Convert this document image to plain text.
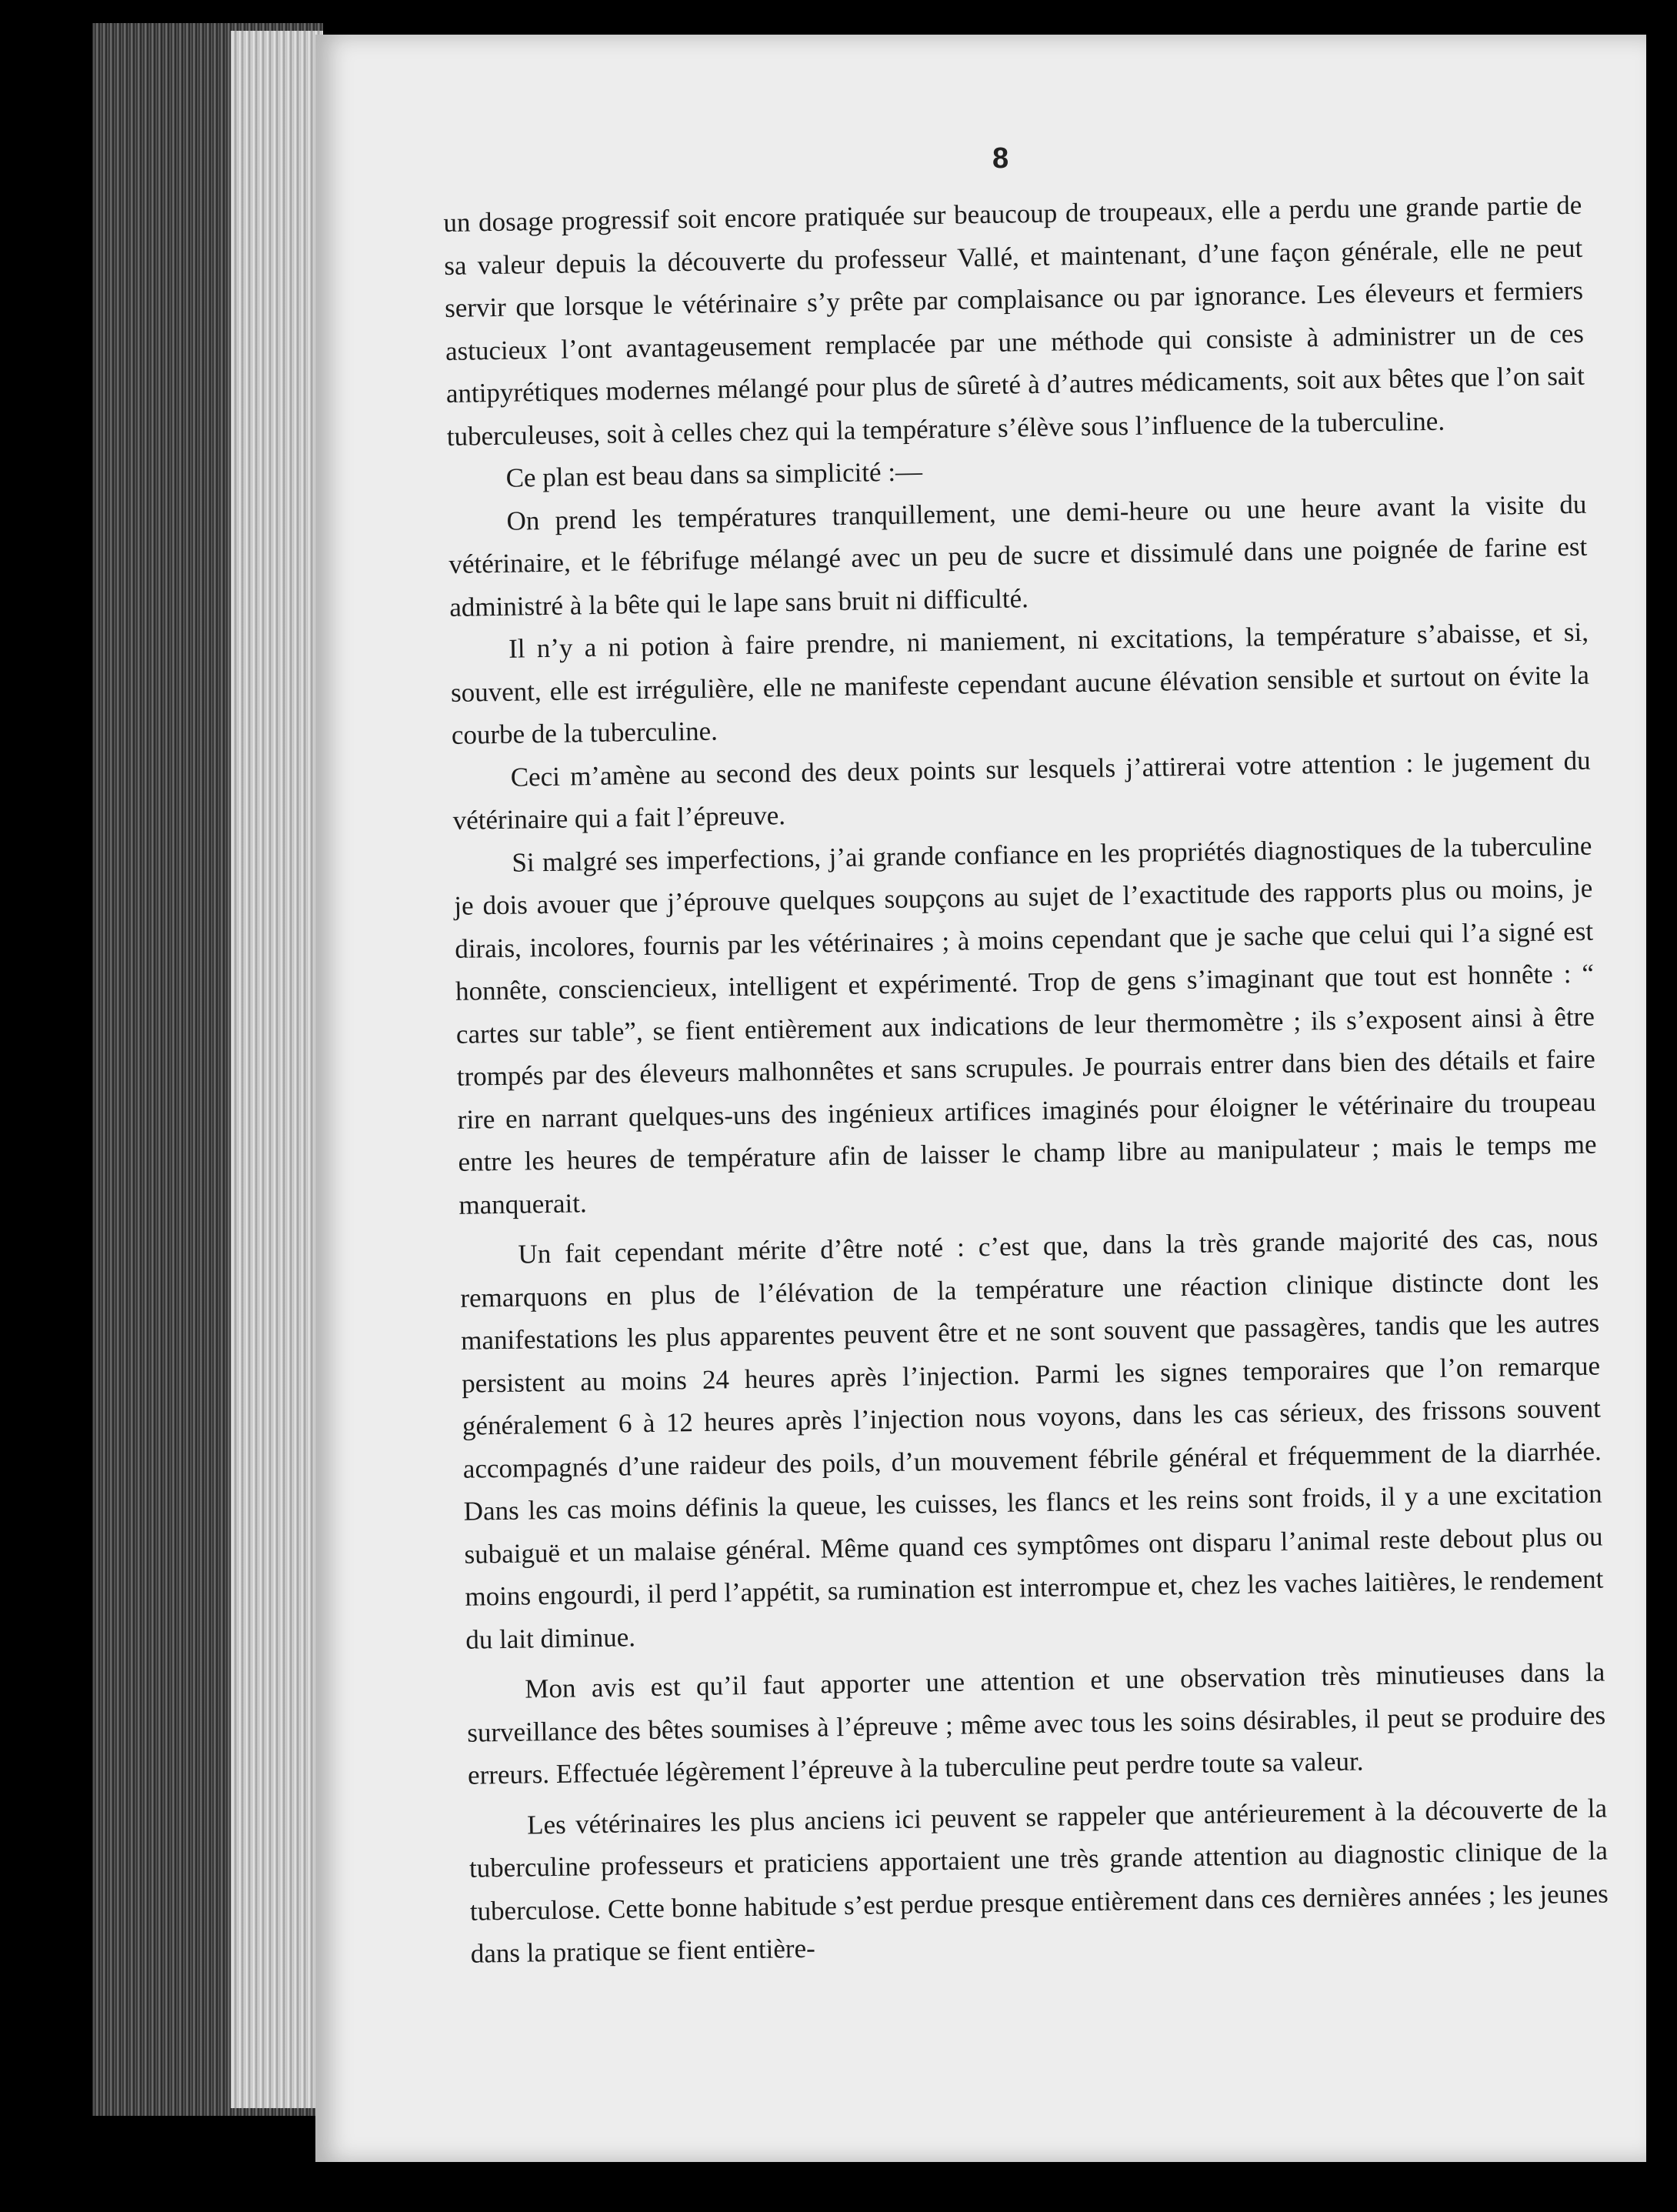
8

un dosage progressif soit encore pratiquée sur beaucoup de troupeaux, elle a perdu une grande partie de sa valeur depuis la découverte du professeur Vallé, et maintenant, d’une façon générale, elle ne peut servir que lorsque le vétérinaire s’y prête par complaisance ou par ignorance. Les éleveurs et fermiers astucieux l’ont avantageusement remplacée par une méthode qui consiste à administrer un de ces antipyrétiques modernes mélangé pour plus de sûreté à d’autres médicaments, soit aux bêtes que l’on sait tuberculeuses, soit à celles chez qui la température s’élève sous l’influence de la tuberculine.

Ce plan est beau dans sa simplicité :—

On prend les températures tranquillement, une demi-heure ou une heure avant la visite du vétérinaire, et le fébrifuge mélangé avec un peu de sucre et dissimulé dans une poignée de farine est administré à la bête qui le lape sans bruit ni difficulté.

Il n’y a ni potion à faire prendre, ni maniement, ni excitations, la température s’abaisse, et si, souvent, elle est irrégulière, elle ne manifeste cependant aucune élévation sensible et surtout on évite la courbe de la tuberculine.

Ceci m’amène au second des deux points sur lesquels j’attirerai votre attention : le jugement du vétérinaire qui a fait l’épreuve.

Si malgré ses imperfections, j’ai grande confiance en les propriétés diagnostiques de la tuberculine je dois avouer que j’éprouve quelques soupçons au sujet de l’exactitude des rapports plus ou moins, je dirais, incolores, fournis par les vétérinaires ; à moins cependant que je sache que celui qui l’a signé est honnête, consciencieux, intelligent et expérimenté. Trop de gens s’imaginant que tout est honnête : “ cartes sur table”, se fient entièrement aux indications de leur thermomètre ; ils s’exposent ainsi à être trompés par des éleveurs malhonnêtes et sans scrupules. Je pourrais entrer dans bien des détails et faire rire en narrant quelques-uns des ingénieux artifices imaginés pour éloigner le vétérinaire du troupeau entre les heures de température afin de laisser le champ libre au manipulateur ; mais le temps me manquerait.

Un fait cependant mérite d’être noté : c’est que, dans la très grande majorité des cas, nous remarquons en plus de l’élévation de la température une réaction clinique distincte dont les manifestations les plus apparentes peuvent être et ne sont souvent que passagères, tandis que les autres persistent au moins 24 heures après l’injection. Parmi les signes temporaires que l’on remarque généralement 6 à 12 heures après l’injection nous voyons, dans les cas sérieux, des frissons souvent accompagnés d’une raideur des poils, d’un mouvement fébrile général et fréquemment de la diarrhée. Dans les cas moins définis la queue, les cuisses, les flancs et les reins sont froids, il y a une excitation subaiguë et un malaise général. Même quand ces symptômes ont disparu l’animal reste debout plus ou moins engourdi, il perd l’appétit, sa rumination est interrompue et, chez les vaches laitières, le rendement du lait diminue.

Mon avis est qu’il faut apporter une attention et une observation très minutieuses dans la surveillance des bêtes soumises à l’épreuve ; même avec tous les soins désirables, il peut se produire des erreurs. Effectuée légèrement l’épreuve à la tuberculine peut perdre toute sa valeur.

Les vétérinaires les plus anciens ici peuvent se rappeler que antérieurement à la découverte de la tuberculine professeurs et praticiens apportaient une très grande attention au diagnostic clinique de la tuberculose. Cette bonne habitude s’est perdue presque entièrement dans ces dernières années ; les jeunes dans la pratique se fient entière-
